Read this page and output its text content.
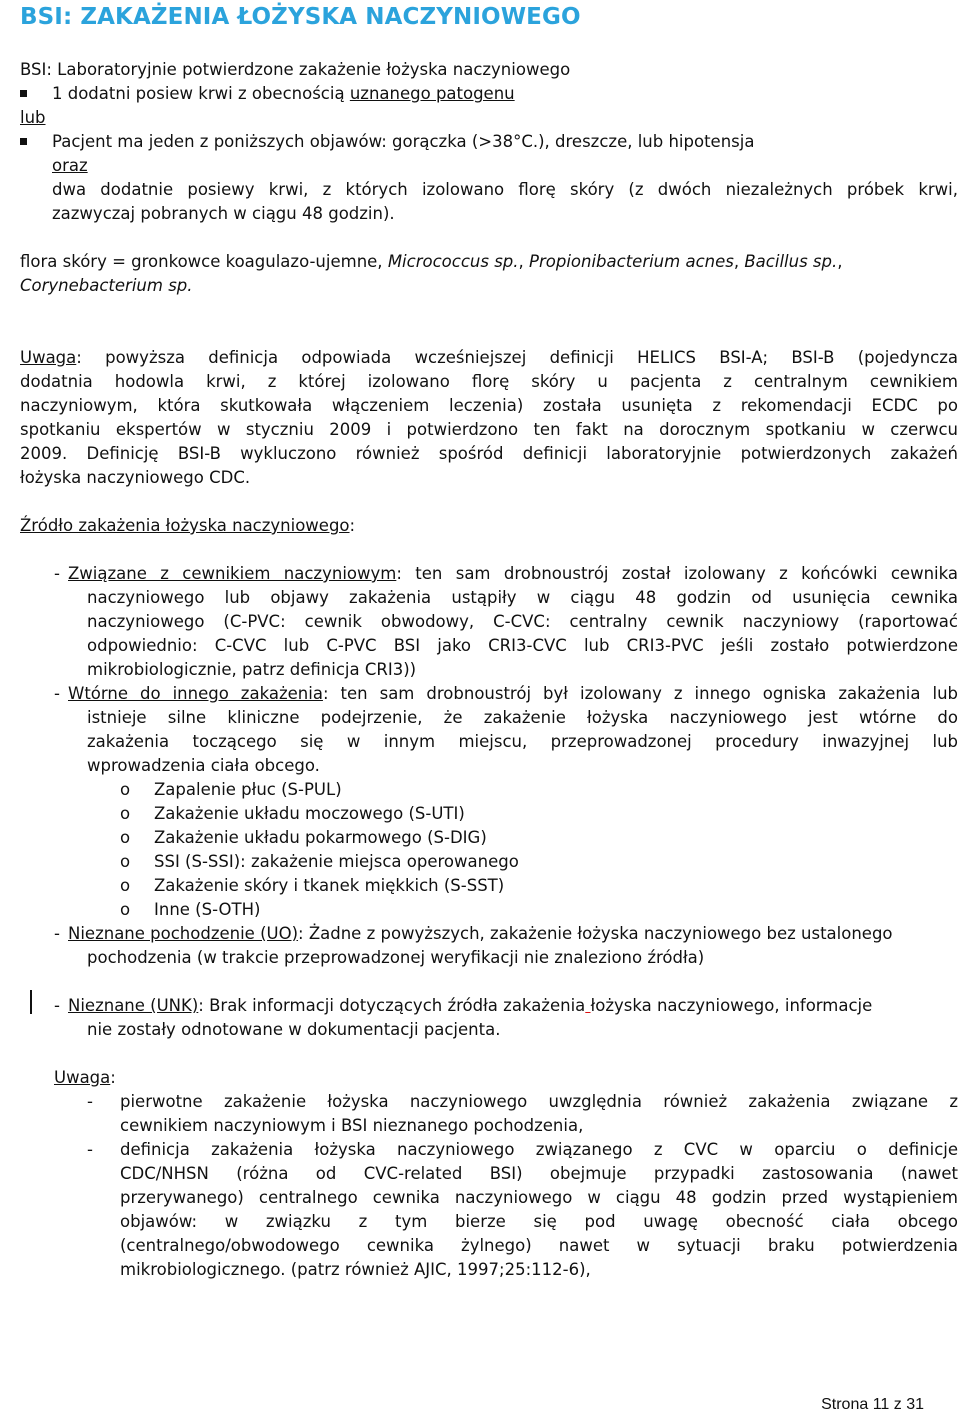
BSI: ZAKAŻENIA ŁOŻYSKA NACZYNIOWEGO
BSI: Laboratoryjnie potwierdzone zakażenie łożyska naczyniowego
1 dodatni posiew krwi z obecnością uznanego patogenu
lub
Pacjent ma jeden z poniższych objawów: gorączka (>38°C.), dreszcze, lub hipotensja
oraz
dwa dodatnie posiewy krwi, z których izolowano florę skóry (z dwóch niezależnych próbek krwi,
zazwyczaj pobranych w ciągu 48 godzin).
flora skóry = gronkowce koagulazo-ujemne, Micrococcus sp., Propionibacterium acnes, Bacillus sp.,
Corynebacterium sp.
Uwaga: powyższa definicja odpowiada wcześniejszej definicji HELICS BSI-A; BSI-B (pojedyncza
dodatnia hodowla krwi, z której izolowano florę skóry u pacjenta z centralnym cewnikiem
naczyniowym, która skutkowała włączeniem leczenia) została usunięta z rekomendacji ECDC po
spotkaniu ekspertów w styczniu 2009 i potwierdzono ten fakt na dorocznym spotkaniu w czerwcu
2009. Definicję BSI-B wykluczono również spośród definicji laboratoryjnie potwierdzonych zakażeń
łożyska naczyniowego CDC.
Źródło zakażenia łożyska naczyniowego:
- Związane z cewnikiem naczyniowym: ten sam drobnoustrój został izolowany z końcówki cewnika
naczyniowego lub objawy zakażenia ustąpiły w ciągu 48 godzin od usunięcia cewnika
naczyniowego (C-PVC: cewnik obwodowy, C-CVC: centralny cewnik naczyniowy (raportować
odpowiednio: C-CVC lub C-PVC BSI jako CRI3-CVC lub CRI3-PVC jeśli zostało potwierdzone
mikrobiologicznie, patrz definicja CRI3))
- Wtórne do innego zakażenia: ten sam drobnoustrój był izolowany z innego ogniska zakażenia lub
istnieje silne kliniczne podejrzenie, że zakażenie łożyska naczyniowego jest wtórne do
zakażenia toczącego się w innym miejscu, przeprowadzonej procedury inwazyjnej lub
wprowadzenia ciała obcego.
o Zapalenie płuc (S-PUL)
o Zakażenie układu moczowego (S-UTI)
o Zakażenie układu pokarmowego (S-DIG)
o SSI (S-SSI): zakażenie miejsca operowanego
o Zakażenie skóry i tkanek miękkich (S-SST)
o Inne (S-OTH)
- Nieznane pochodzenie (UO): Żadne z powyższych, zakażenie łożyska naczyniowego bez ustalonego
pochodzenia (w trakcie przeprowadzonej weryfikacji nie znaleziono źródła)
- Nieznane (UNK): Brak informacji dotyczących źródła zakażenia łożyska naczyniowego, informacje
nie zostały odnotowane w dokumentacji pacjenta.
Uwaga:
- pierwotne zakażenie łożyska naczyniowego uwzględnia również zakażenia związane z
cewnikiem naczyniowym i BSI nieznanego pochodzenia,
- definicja zakażenia łożyska naczyniowego związanego z CVC w oparciu o definicje
CDC/NHSN (różna od CVC-related BSI) obejmuje przypadki zastosowania (nawet
przerywanego) centralnego cewnika naczyniowego w ciągu 48 godzin przed wystąpieniem
objawów: w związku z tym bierze się pod uwagę obecność ciała obcego
(centralnego/obwodowego cewnika żylnego) nawet w sytuacji braku potwierdzenia
mikrobiologicznego. (patrz również AJIC, 1997;25:112-6),
Strona 11 z 31
